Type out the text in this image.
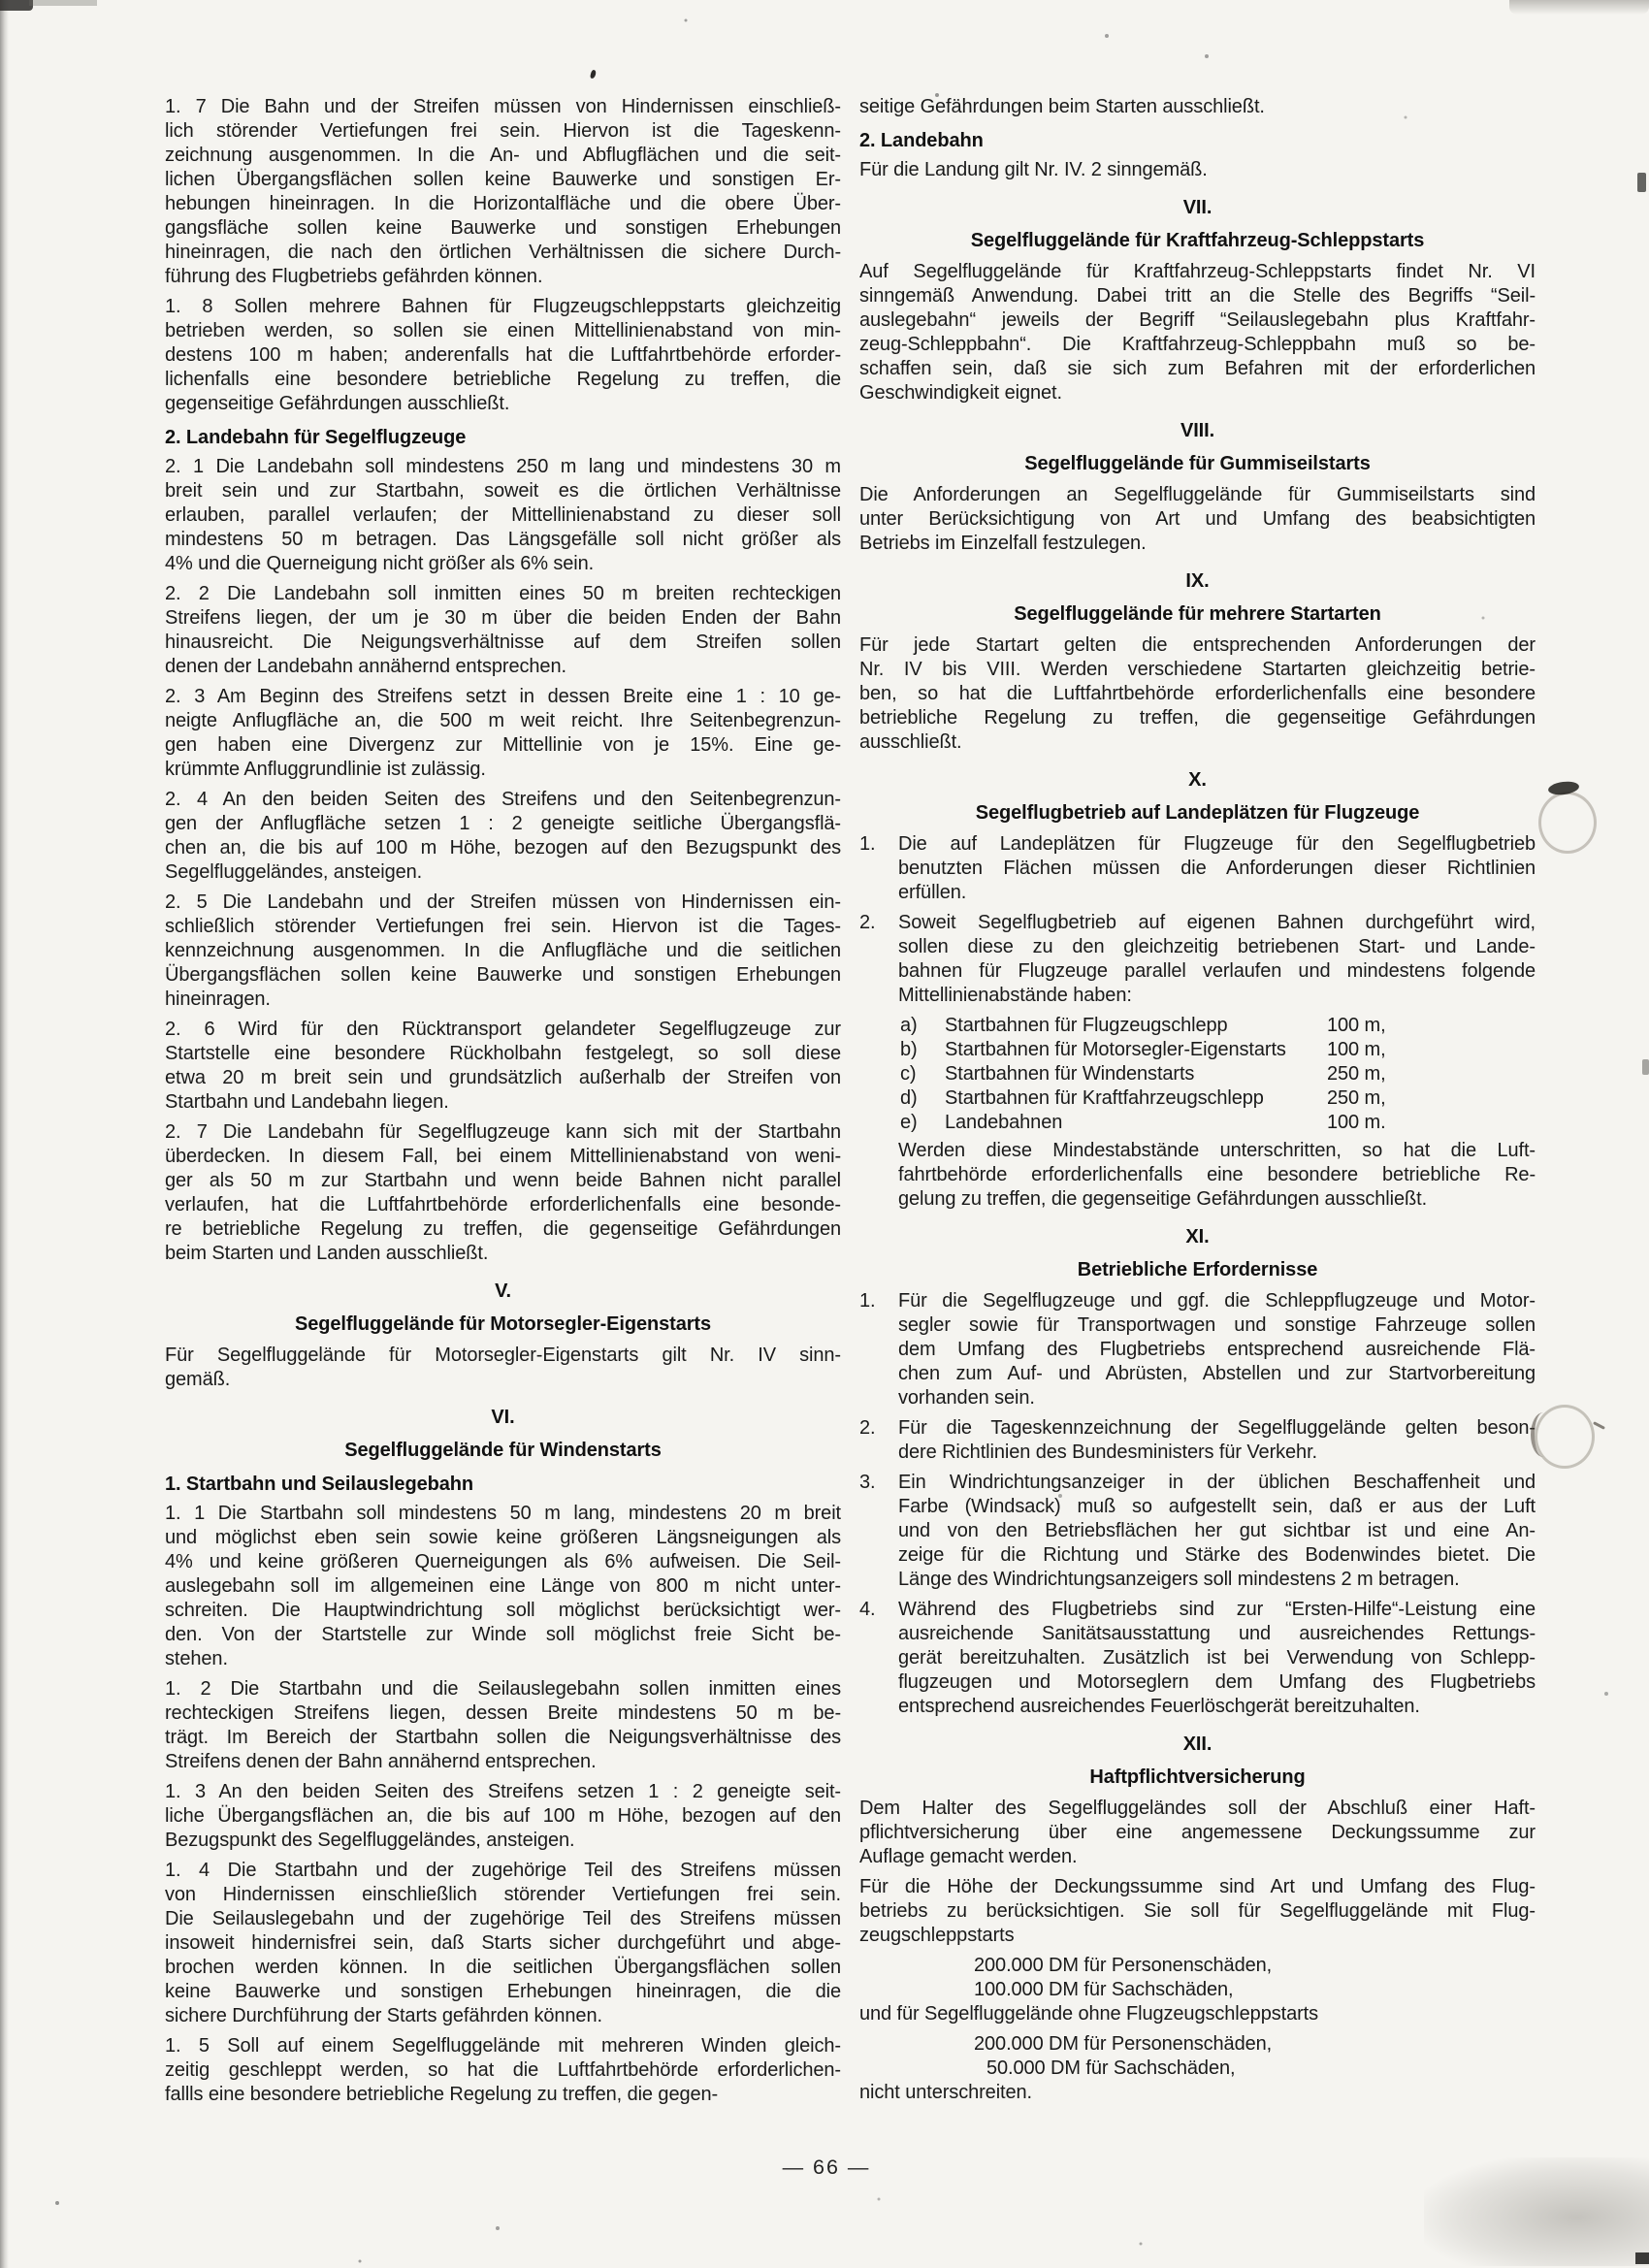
1. 7 Die Bahn und der Streifen müssen von Hindernissen einschließ-
lich störender Vertiefungen frei sein. Hiervon ist die Tageskenn-
zeichnung ausgenommen. In die An- und Abflugflächen und die seit-
lichen Übergangsflächen sollen keine Bauwerke und sonstigen Er-
hebungen hineinragen. In die Horizontalfläche und die obere Über-
gangsfläche sollen keine Bauwerke und sonstigen Erhebungen
hineinragen, die nach den örtlichen Verhältnissen die sichere Durch-
führung des Flugbetriebs gefährden können.
1. 8 Sollen mehrere Bahnen für Flugzeugschleppstarts gleichzeitig
betrieben werden, so sollen sie einen Mittellinienabstand von min-
destens 100 m haben; anderenfalls hat die Luftfahrtbehörde erforder-
lichenfalls eine besondere betriebliche Regelung zu treffen, die
gegenseitige Gefährdungen ausschließt.
2. Landebahn für Segelflugzeuge
2. 1 Die Landebahn soll mindestens 250 m lang und mindestens 30 m
breit sein und zur Startbahn, soweit es die örtlichen Verhältnisse
erlauben, parallel verlaufen; der Mittellinienabstand zu dieser soll
mindestens 50 m betragen. Das Längsgefälle soll nicht größer als
4% und die Querneigung nicht größer als 6% sein.
2. 2 Die Landebahn soll inmitten eines 50 m breiten rechteckigen
Streifens liegen, der um je 30 m über die beiden Enden der Bahn
hinausreicht. Die Neigungsverhältnisse auf dem Streifen sollen
denen der Landebahn annähernd entsprechen.
2. 3 Am Beginn des Streifens setzt in dessen Breite eine 1 : 10 ge-
neigte Anflugfläche an, die 500 m weit reicht. Ihre Seitenbegrenzun-
gen haben eine Divergenz zur Mittellinie von je 15%. Eine ge-
krümmte Anfluggrundlinie ist zulässig.
2. 4 An den beiden Seiten des Streifens und den Seitenbegrenzun-
gen der Anflugfläche setzen 1 : 2 geneigte seitliche Übergangsflä-
chen an, die bis auf 100 m Höhe, bezogen auf den Bezugspunkt des
Segelfluggeländes, ansteigen.
2. 5 Die Landebahn und der Streifen müssen von Hindernissen ein-
schließlich störender Vertiefungen frei sein. Hiervon ist die Tages-
kennzeichnung ausgenommen. In die Anflugfläche und die seitlichen
Übergangsflächen sollen keine Bauwerke und sonstigen Erhebungen
hineinragen.
2. 6 Wird für den Rücktransport gelandeter Segelflugzeuge zur
Startstelle eine besondere Rückholbahn festgelegt, so soll diese
etwa 20 m breit sein und grundsätzlich außerhalb der Streifen von
Startbahn und Landebahn liegen.
2. 7 Die Landebahn für Segelflugzeuge kann sich mit der Startbahn
überdecken. In diesem Fall, bei einem Mittellinienabstand von weni-
ger als 50 m zur Startbahn und wenn beide Bahnen nicht parallel
verlaufen, hat die Luftfahrtbehörde erforderlichenfalls eine besonde-
re betriebliche Regelung zu treffen, die gegenseitige Gefährdungen
beim Starten und Landen ausschließt.
V.
Segelfluggelände für Motorsegler-Eigenstarts
Für Segelfluggelände für Motorsegler-Eigenstarts gilt Nr. IV sinn-
gemäß.
VI.
Segelfluggelände für Windenstarts
1. Startbahn und Seilauslegebahn
1. 1 Die Startbahn soll mindestens 50 m lang, mindestens 20 m breit
und möglichst eben sein sowie keine größeren Längsneigungen als
4% und keine größeren Querneigungen als 6% aufweisen. Die Seil-
auslegebahn soll im allgemeinen eine Länge von 800 m nicht unter-
schreiten. Die Hauptwindrichtung soll möglichst berücksichtigt wer-
den. Von der Startstelle zur Winde soll möglichst freie Sicht be-
stehen.
1. 2 Die Startbahn und die Seilauslegebahn sollen inmitten eines
rechteckigen Streifens liegen, dessen Breite mindestens 50 m be-
trägt. Im Bereich der Startbahn sollen die Neigungsverhältnisse des
Streifens denen der Bahn annähernd entsprechen.
1. 3 An den beiden Seiten des Streifens setzen 1 : 2 geneigte seit-
liche Übergangsflächen an, die bis auf 100 m Höhe, bezogen auf den
Bezugspunkt des Segelfluggeländes, ansteigen.
1. 4 Die Startbahn und der zugehörige Teil des Streifens müssen
von Hindernissen einschließlich störender Vertiefungen frei sein.
Die Seilauslegebahn und der zugehörige Teil des Streifens müssen
insoweit hindernisfrei sein, daß Starts sicher durchgeführt und abge-
brochen werden können. In die seitlichen Übergangsflächen sollen
keine Bauwerke und sonstigen Erhebungen hineinragen, die die
sichere Durchführung der Starts gefährden können.
1. 5 Soll auf einem Segelfluggelände mit mehreren Winden gleich-
zeitig geschleppt werden, so hat die Luftfahrtbehörde erforderlichen-
fallls eine besondere betriebliche Regelung zu treffen, die gegen-
seitige Gefährdungen beim Starten ausschließt.
2. Landebahn
Für die Landung gilt Nr. IV. 2 sinngemäß.
VII.
Segelfluggelände für Kraftfahrzeug-Schleppstarts
Auf Segelfluggelände für Kraftfahrzeug-Schleppstarts findet Nr. VI
sinngemäß Anwendung. Dabei tritt an die Stelle des Begriffs “Seil-
auslegebahn“ jeweils der Begriff “Seilauslegebahn plus Kraftfahr-
zeug-Schleppbahn“. Die Kraftfahrzeug-Schleppbahn muß so be-
schaffen sein, daß sie sich zum Befahren mit der erforderlichen
Geschwindigkeit eignet.
VIII.
Segelfluggelände für Gummiseilstarts
Die Anforderungen an Segelfluggelände für Gummiseilstarts sind
unter Berücksichtigung von Art und Umfang des beabsichtigten
Betriebs im Einzelfall festzulegen.
IX.
Segelfluggelände für mehrere Startarten
Für jede Startart gelten die entsprechenden Anforderungen der
Nr. IV bis VIII. Werden verschiedene Startarten gleichzeitig betrie-
ben, so hat die Luftfahrtbehörde erforderlichenfalls eine besondere
betriebliche Regelung zu treffen, die gegenseitige Gefährdungen
ausschließt.
X.
Segelflugbetrieb auf Landeplätzen für Flugzeuge
1. Die auf Landeplätzen für Flugzeuge für den Segelflugbetrieb
benutzten Flächen müssen die Anforderungen dieser Richtlinien
erfüllen.
2. Soweit Segelflugbetrieb auf eigenen Bahnen durchgeführt wird,
sollen diese zu den gleichzeitig betriebenen Start- und Lande-
bahnen für Flugzeuge parallel verlaufen und mindestens folgende
Mittellinienabstände haben:
a) Startbahnen für Flugzeugschlepp	100 m,
b) Startbahnen für Motorsegler-Eigenstarts 100 m,
c) Startbahnen für Windenstarts	250 m,
d) Startbahnen für Kraftfahrzeugschlepp	250 m,
e) Landebahnen	100 m.
Werden diese Mindestabstände unterschritten, so hat die Luft-
fahrtbehörde erforderlichenfalls eine besondere betriebliche Re-
gelung zu treffen, die gegenseitige Gefährdungen ausschließt.
XI.
Betriebliche Erfordernisse
1. Für die Segelflugzeuge und ggf. die Schleppflugzeuge und Motor-
segler sowie für Transportwagen und sonstige Fahrzeuge sollen
dem Umfang des Flugbetriebs entsprechend ausreichende Flä-
chen zum Auf- und Abrüsten, Abstellen und zur Startvorbereitung
vorhanden sein.
2. Für die Tageskennzeichnung der Segelfluggelände gelten beson-
dere Richtlinien des Bundesministers für Verkehr.
3. Ein Windrichtungsanzeiger in der üblichen Beschaffenheit und
Farbe (Windsack) muß so aufgestellt sein, daß er aus der Luft
und von den Betriebsflächen her gut sichtbar ist und eine An-
zeige für die Richtung und Stärke des Bodenwindes bietet. Die
Länge des Windrichtungsanzeigers soll mindestens 2 m betragen.
4. Während des Flugbetriebs sind zur “Ersten-Hilfe“-Leistung eine
ausreichende Sanitätsausstattung und ausreichendes Rettungs-
gerät bereitzuhalten. Zusätzlich ist bei Verwendung von Schlepp-
flugzeugen und Motorseglern dem Umfang des Flugbetriebs
entsprechend ausreichendes Feuerlöschgerät bereitzuhalten.
XII.
Haftpflichtversicherung
Dem Halter des Segelfluggeländes soll der Abschluß einer Haft-
pflichtversicherung über eine angemessene Deckungssumme zur
Auflage gemacht werden.
Für die Höhe der Deckungssumme sind Art und Umfang des Flug-
betriebs zu berücksichtigen. Sie soll für Segelfluggelände mit Flug-
zeugschleppstarts
200.000 DM für Personenschäden,
100.000 DM für Sachschäden,
und für Segelfluggelände ohne Flugzeugschleppstarts
200.000 DM für Personenschäden,
50.000 DM für Sachschäden,
nicht unterschreiten.
— 66 —
